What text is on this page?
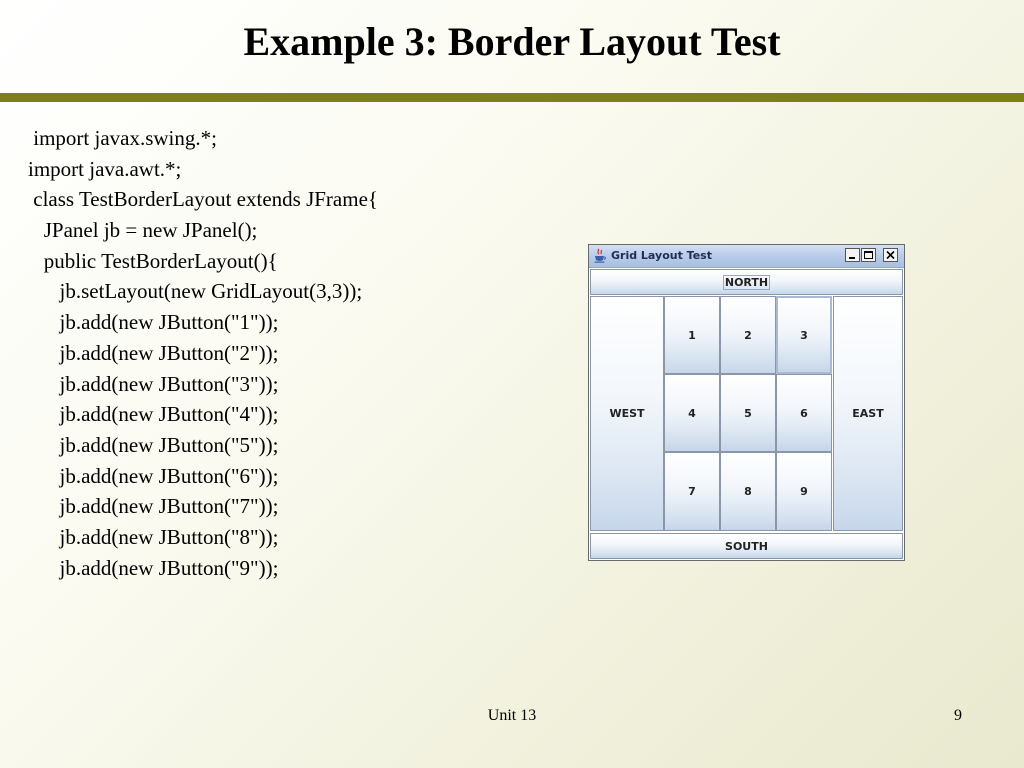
Example 3: Border Layout Test
import javax.swing.*;
import java.awt.*;
class TestBorderLayout extends JFrame{
JPanel jb = new JPanel();
public TestBorderLayout(){
jb.setLayout(new GridLayout(3,3));
jb.add(new JButton("1"));
jb.add(new JButton("2"));
jb.add(new JButton("3"));
jb.add(new JButton("4"));
jb.add(new JButton("5"));
jb.add(new JButton("6"));
jb.add(new JButton("7"));
jb.add(new JButton("8"));
jb.add(new JButton("9"));
Grid Layout Test
NORTH
WEST
1	2	3
4	5	6
7	8	9
EAST
SOUTH
Unit 13	9
